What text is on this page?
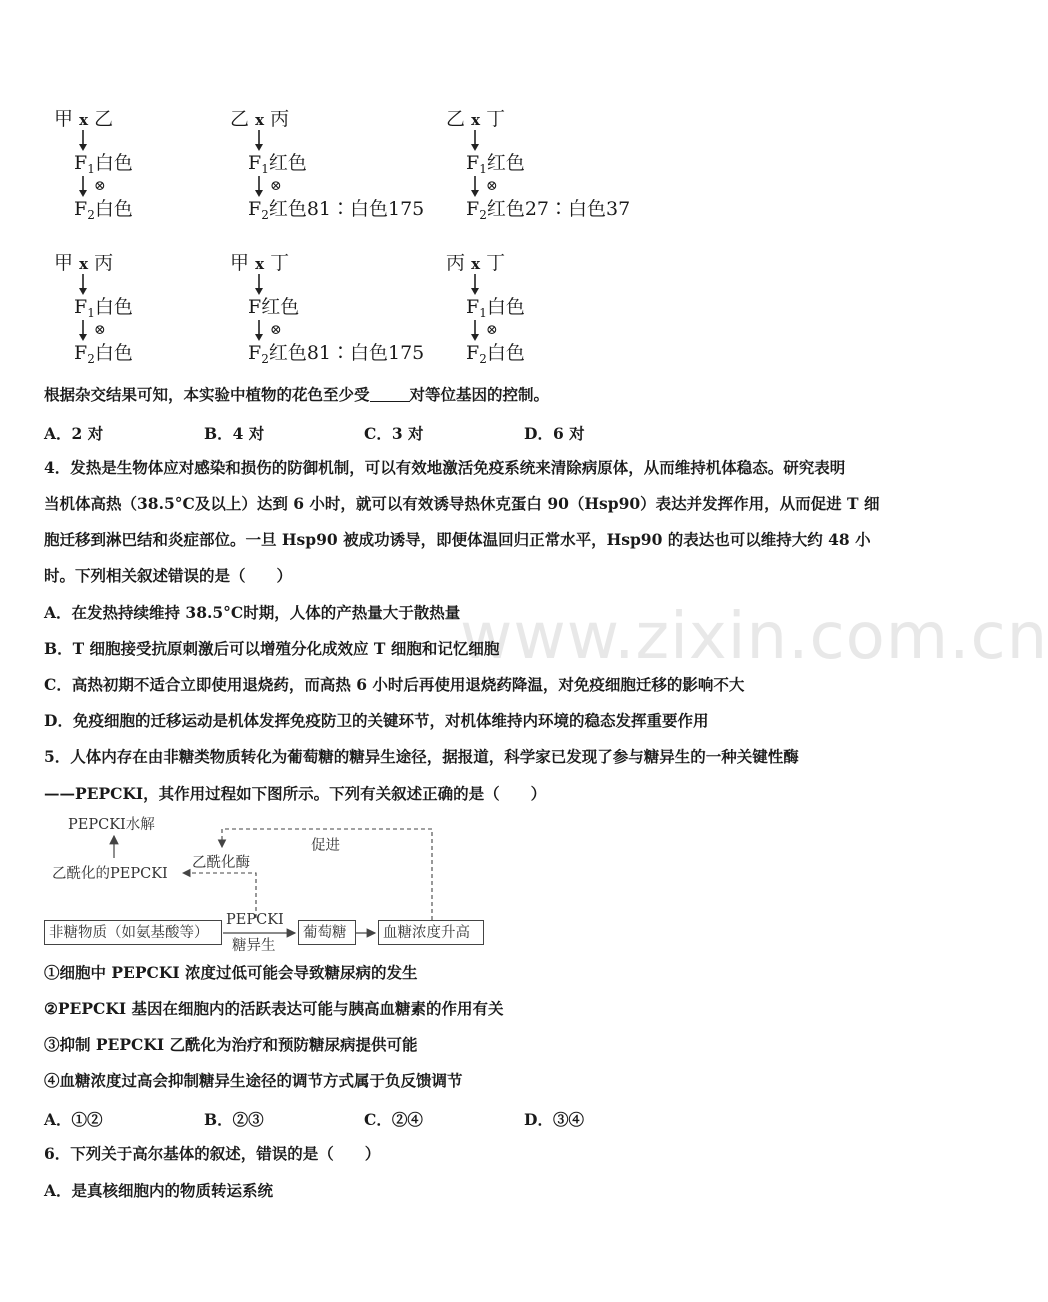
www.zixin.com.cn
甲 x 乙
$F_1$白色
⊗
$F_2$白色
乙 x 丙
$F_1$红色
⊗
$F_2$红色81∶白色175
乙 x 丁
$F_1$红色
⊗
$F_2$红色27∶白色37
甲 x 丙
$F_1$白色
⊗
$F_2$白色
甲 x 丁
F红色
⊗
$F_2$红色81∶白色175
丙 x 丁
$F_1$白色
⊗
$F_2$白色
根据杂交结果可知，本实验中植物的花色至少受	对等位基因的控制。
A．2 对	B．4 对	C．3 对	D．6 对
4．发热是生物体应对感染和损伤的防御机制，可以有效地激活免疫系统来清除病原体，从而维持机体稳态。研究表明
当机体高热（38.5°C及以上）达到 6 小时，就可以有效诱导热休克蛋白 90（Hsp90）表达并发挥作用，从而促进 T 细
胞迁移到淋巴结和炎症部位。一旦 Hsp90 被成功诱导，即便体温回归正常水平，Hsp90 的表达也可以维持大约 48 小
时。下列相关叙述错误的是（　　）
A．在发热持续维持 38.5°C时期，人体的产热量大于散热量
B．T 细胞接受抗原刺激后可以增殖分化成效应 T 细胞和记忆细胞
C．高热初期不适合立即使用退烧药，而高热 6 小时后再使用退烧药降温，对免疫细胞迁移的影响不大
D．免疫细胞的迁移运动是机体发挥免疫防卫的关键环节，对机体维持内环境的稳态发挥重要作用
5．人体内存在由非糖类物质转化为葡萄糖的糖异生途径，据报道，科学家已发现了参与糖异生的一种关键性酶
——PEPCKI，其作用过程如下图所示。下列有关叙述正确的是（　　）
PEPCKI水解
乙酰化的PEPCKI
乙酰化酶
促进
非糖物质（如氨基酸等）
PEPCKI
糖异生
葡萄糖	血糖浓度升高
①细胞中 PEPCKI 浓度过低可能会导致糖尿病的发生
②PEPCKI 基因在细胞内的活跃表达可能与胰高血糖素的作用有关
③抑制 PEPCKI 乙酰化为治疗和预防糖尿病提供可能
④血糖浓度过高会抑制糖异生途径的调节方式属于负反馈调节
A．①②	B．②③	C．②④	D．③④
6．下列关于高尔基体的叙述，错误的是（　　）
A．是真核细胞内的物质转运系统
